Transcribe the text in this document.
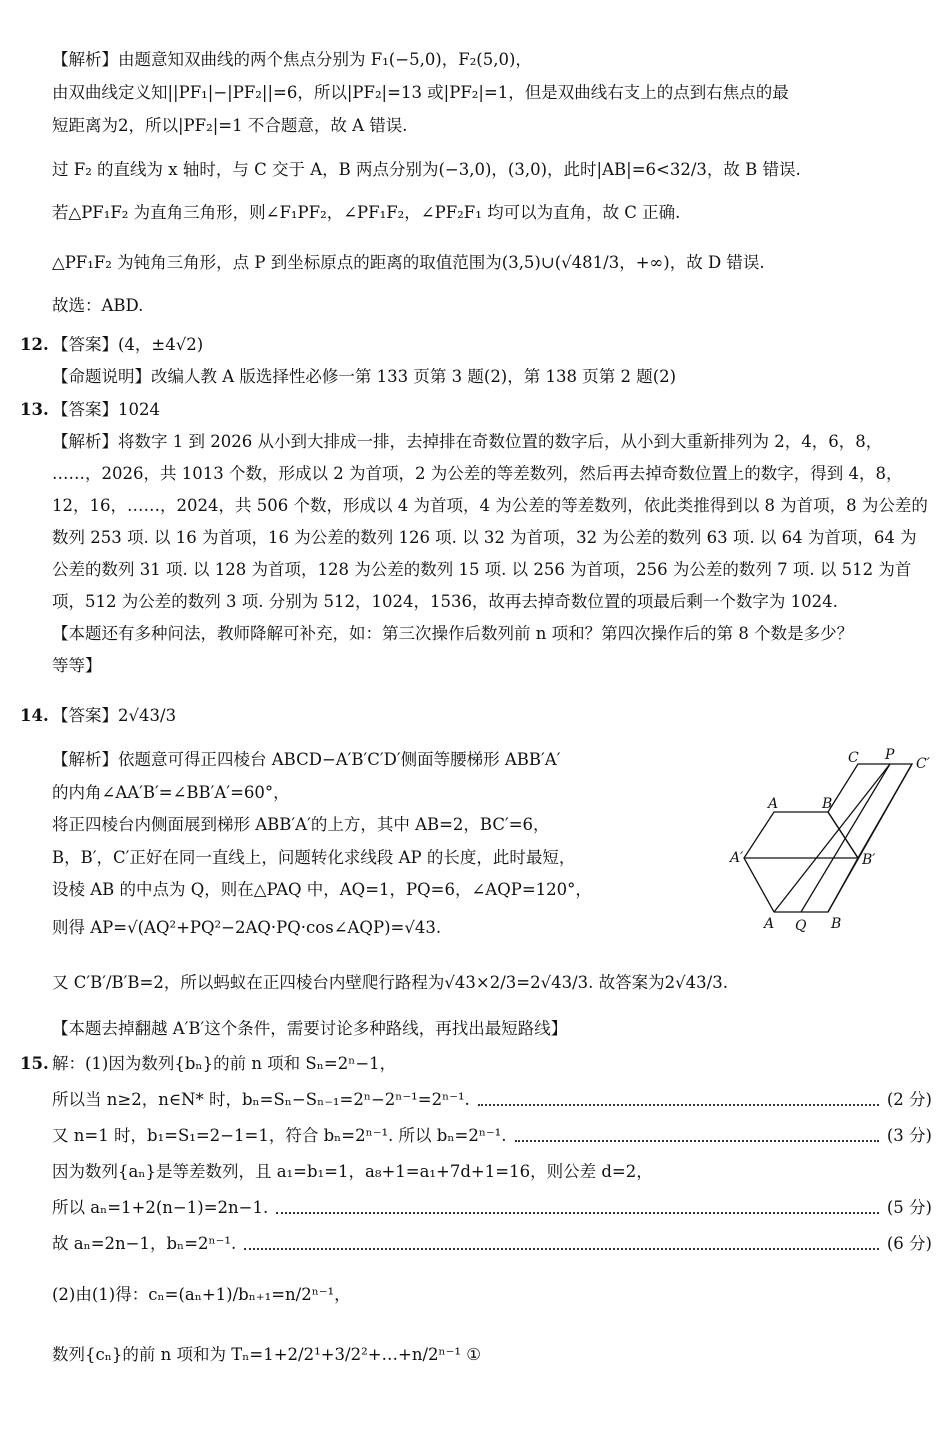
【解析】由题意知双曲线的两个焦点分别为 F₁(−5,0)，F₂(5,0)，
由双曲线定义知||PF₁|−|PF₂||=6，所以|PF₂|=13 或|PF₂|=1，但是双曲线右支上的点到右焦点的最
短距离为2，所以|PF₂|=1 不合题意，故 A 错误.
过 F₂ 的直线为 x 轴时，与 C 交于 A，B 两点分别为(−3,0)，(3,0)，此时|AB|=6<32/3，故 B 错误.
若△PF₁F₂ 为直角三角形，则∠F₁PF₂，∠PF₁F₂，∠PF₂F₁ 均可以为直角，故 C 正确.
△PF₁F₂ 为钝角三角形，点 P 到坐标原点的距离的取值范围为(3,5)∪(√481/3，+∞)，故 D 错误.
故选：ABD.
12. 【答案】(4，±4√2)
【命题说明】改编人教 A 版选择性必修一第 133 页第 3 题(2)，第 138 页第 2 题(2)
13. 【答案】1024
【解析】将数字 1 到 2026 从小到大排成一排，去掉排在奇数位置的数字后，从小到大重新排列为 2，4，6，8，
……，2026，共 1013 个数，形成以 2 为首项，2 为公差的等差数列，然后再去掉奇数位置上的数字，得到 4，8，
12，16，……，2024，共 506 个数，形成以 4 为首项，4 为公差的等差数列，依此类推得到以 8 为首项，8 为公差的
数列 253 项. 以 16 为首项，16 为公差的数列 126 项. 以 32 为首项，32 为公差的数列 63 项. 以 64 为首项，64 为
公差的数列 31 项. 以 128 为首项，128 为公差的数列 15 项. 以 256 为首项，256 为公差的数列 7 项. 以 512 为首
项，512 为公差的数列 3 项. 分别为 512，1024，1536，故再去掉奇数位置的项最后剩一个数字为 1024.
【本题还有多种问法，教师降解可补充，如：第三次操作后数列前 n 项和？第四次操作后的第 8 个数是多少？
等等】
14. 【答案】2√43/3
【解析】依题意可得正四棱台 ABCD−A′B′C′D′侧面等腰梯形 ABB′A′
的内角∠AA′B′=∠BB′A′=60°，
将正四棱台内侧面展到梯形 ABB′A′的上方，其中 AB=2，BC′=6，
B，B′，C′正好在同一直线上，问题转化求线段 AP 的长度，此时最短，
设棱 AB 的中点为 Q，则在△PAQ 中，AQ=1，PQ=6，∠AQP=120°，
则得 AP=√(AQ²+PQ²−2AQ·PQ·cos∠AQP)=√43.
又 C′B′/B′B=2，所以蚂蚁在正四棱台内壁爬行路程为√43×2/3=2√43/3. 故答案为2√43/3.
【本题去掉翻越 A′B′这个条件，需要讨论多种路线，再找出最短路线】
C P
C′
A	B
A′	B′
A Q B
15. 解：(1)因为数列{bₙ}的前 n 项和 Sₙ=2ⁿ−1，
所以当 n≥2，n∈N* 时，bₙ=Sₙ−Sₙ₋₁=2ⁿ−2ⁿ⁻¹=2ⁿ⁻¹.	(2 分)
又 n=1 时，b₁=S₁=2−1=1，符合 bₙ=2ⁿ⁻¹. 所以 bₙ=2ⁿ⁻¹.	(3 分)
因为数列{aₙ}是等差数列，且 a₁=b₁=1，a₈+1=a₁+7d+1=16，则公差 d=2，
所以 aₙ=1+2(n−1)=2n−1.	(5 分)
故 aₙ=2n−1，bₙ=2ⁿ⁻¹.	(6 分)
(2)由(1)得：cₙ=(aₙ+1)/bₙ₊₁=n/2ⁿ⁻¹，
数列{cₙ}的前 n 项和为 Tₙ=1+2/2¹+3/2²+…+n/2ⁿ⁻¹ ①
